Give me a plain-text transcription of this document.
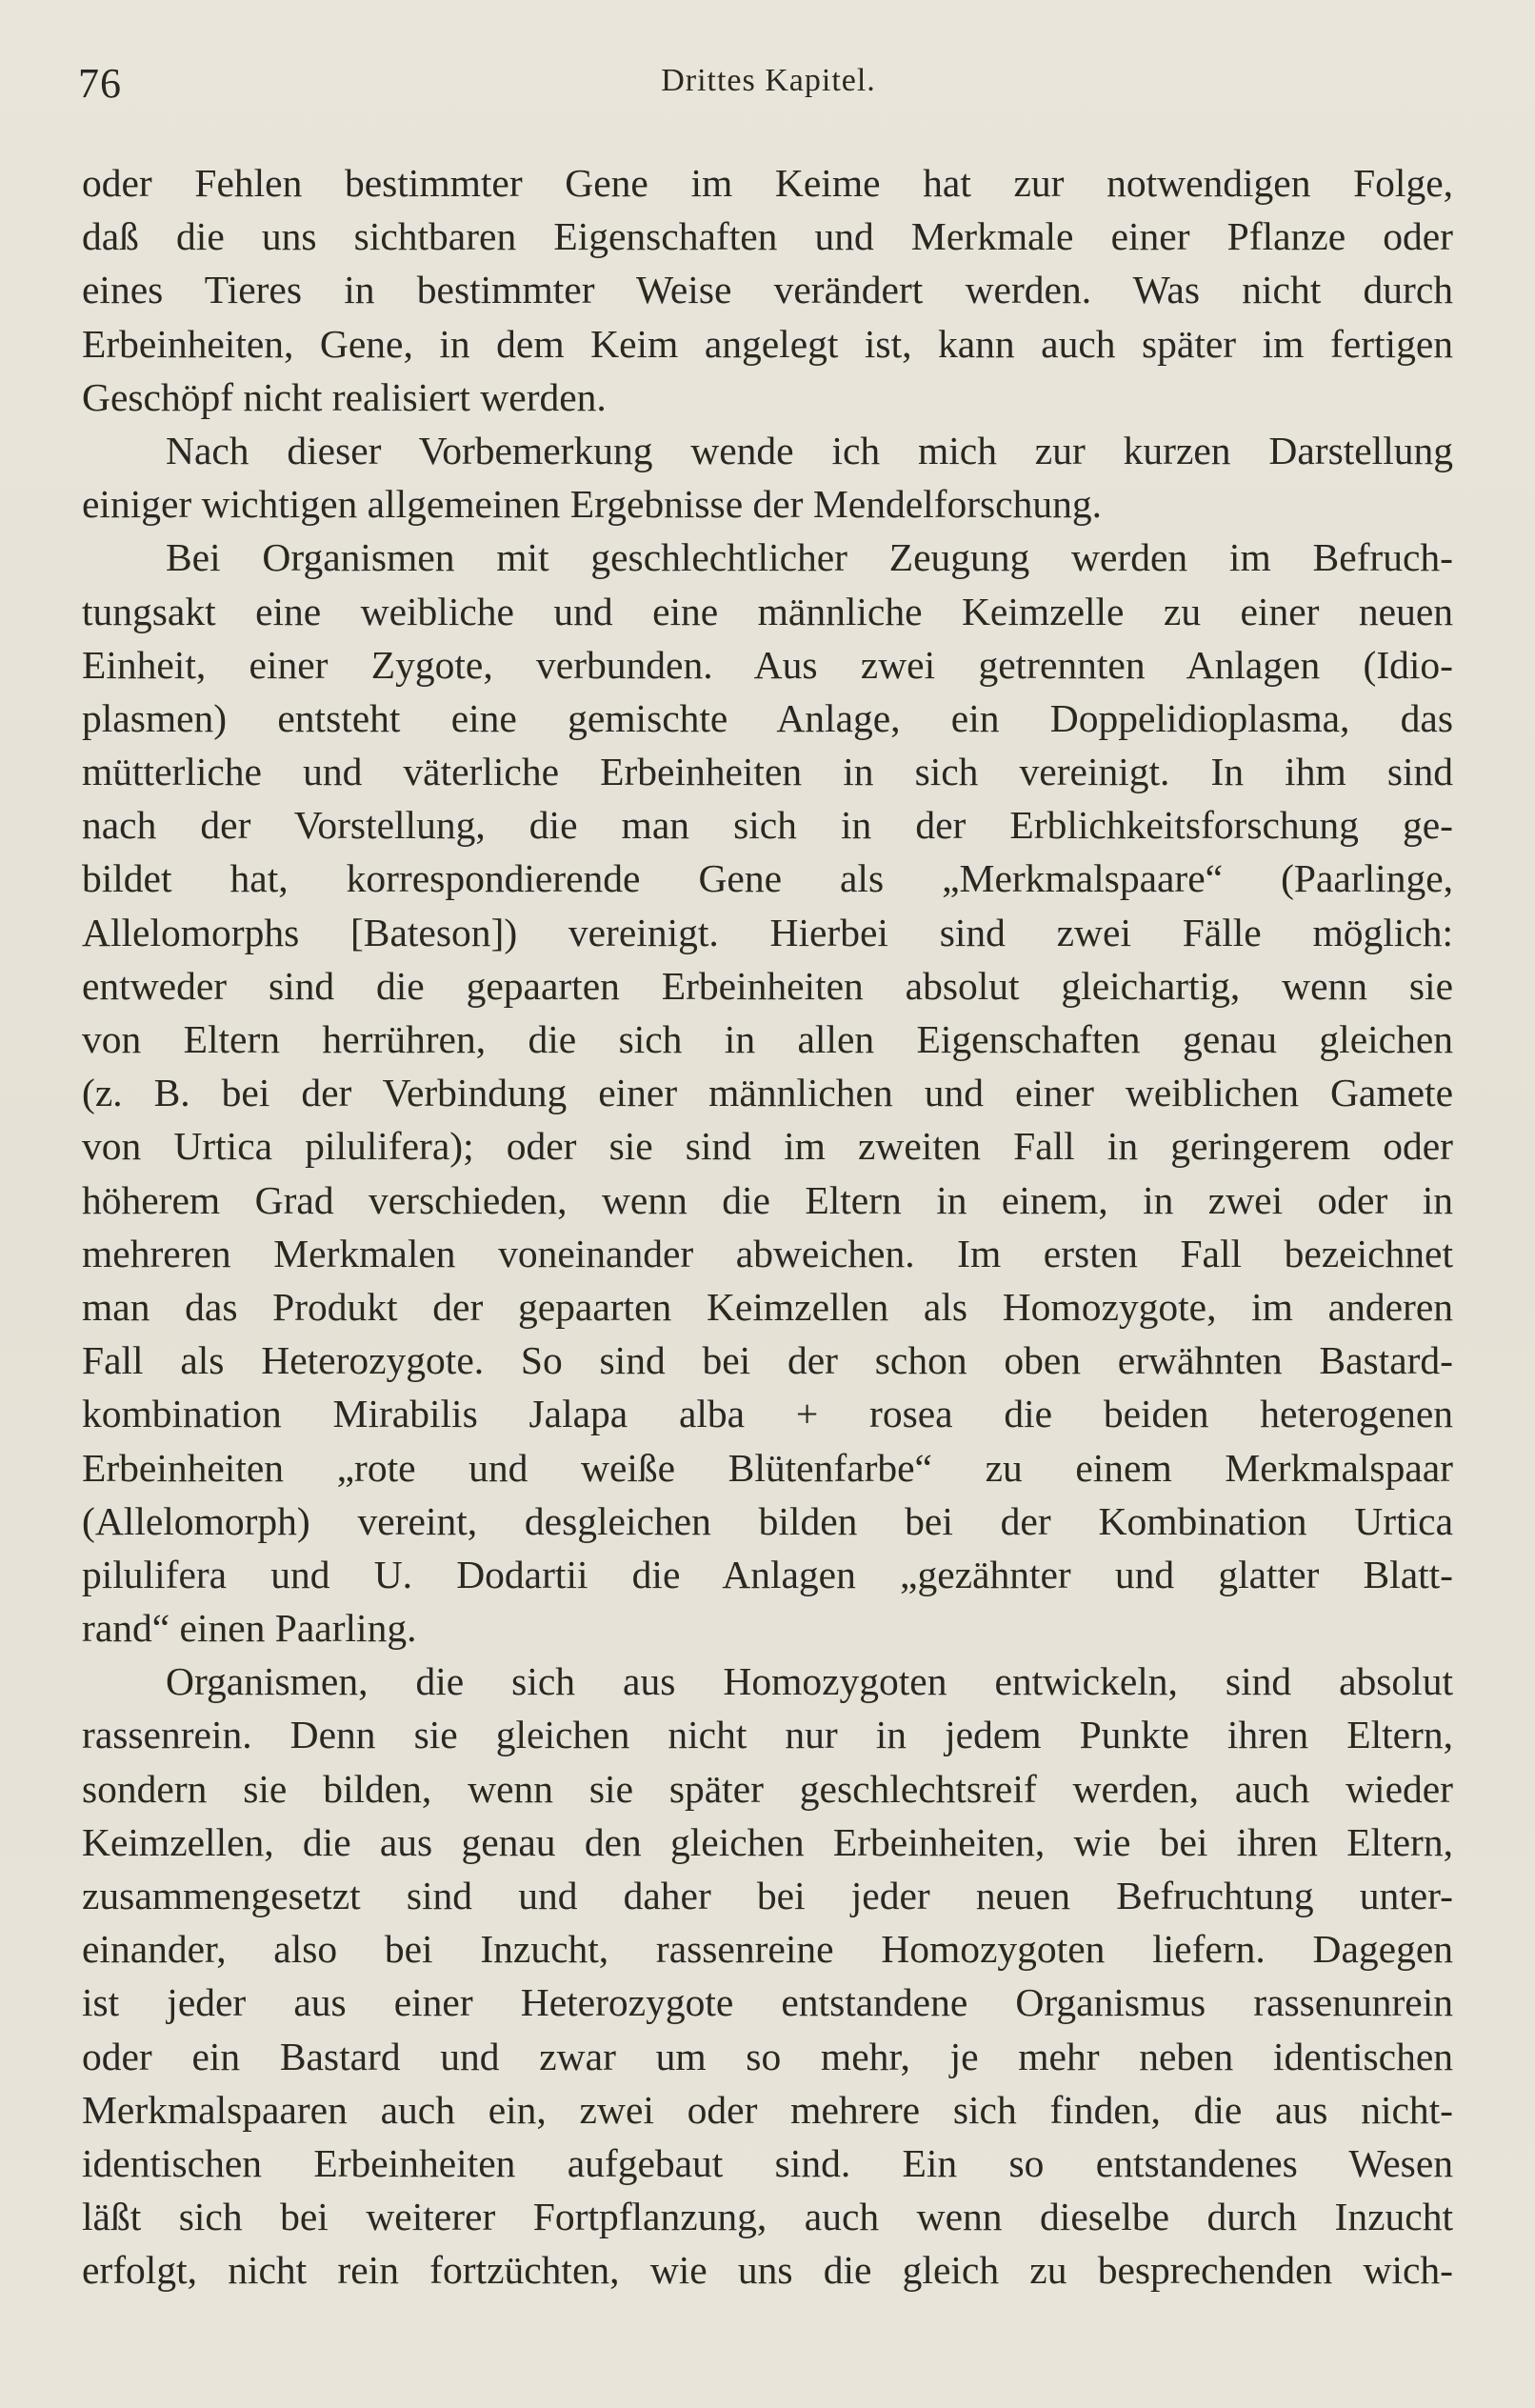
76	Drittes Kapitel.
oder Fehlen bestimmter Gene im Keime hat zur notwendigen Folge,
daß die uns sichtbaren Eigenschaften und Merkmale einer Pflanze oder
eines Tieres in bestimmter Weise verändert werden. Was nicht durch
Erbeinheiten, Gene, in dem Keim angelegt ist, kann auch später im fertigen
Geschöpf nicht realisiert werden.
Nach dieser Vorbemerkung wende ich mich zur kurzen Darstellung
einiger wichtigen allgemeinen Ergebnisse der Mendelforschung.
Bei Organismen mit geschlechtlicher Zeugung werden im Befruch-
tungsakt eine weibliche und eine männliche Keimzelle zu einer neuen
Einheit, einer Zygote, verbunden. Aus zwei getrennten Anlagen (Idio-
plasmen) entsteht eine gemischte Anlage, ein Doppelidioplasma, das
mütterliche und väterliche Erbeinheiten in sich vereinigt. In ihm sind
nach der Vorstellung, die man sich in der Erblichkeitsforschung ge-
bildet hat, korrespondierende Gene als „Merkmalspaare“ (Paarlinge,
Allelomorphs [Bateson]) vereinigt. Hierbei sind zwei Fälle möglich:
entweder sind die gepaarten Erbeinheiten absolut gleichartig, wenn sie
von Eltern herrühren, die sich in allen Eigenschaften genau gleichen
(z. B. bei der Verbindung einer männlichen und einer weiblichen Gamete
von Urtica pilulifera); oder sie sind im zweiten Fall in geringerem oder
höherem Grad verschieden, wenn die Eltern in einem, in zwei oder in
mehreren Merkmalen voneinander abweichen. Im ersten Fall bezeichnet
man das Produkt der gepaarten Keimzellen als Homozygote, im anderen
Fall als Heterozygote. So sind bei der schon oben erwähnten Bastard-
kombination Mirabilis Jalapa alba + rosea die beiden heterogenen
Erbeinheiten „rote und weiße Blütenfarbe“ zu einem Merkmalspaar
(Allelomorph) vereint, desgleichen bilden bei der Kombination Urtica
pilulifera und U. Dodartii die Anlagen „gezähnter und glatter Blatt-
rand“ einen Paarling.
Organismen, die sich aus Homozygoten entwickeln, sind absolut
rassenrein. Denn sie gleichen nicht nur in jedem Punkte ihren Eltern,
sondern sie bilden, wenn sie später geschlechtsreif werden, auch wieder
Keimzellen, die aus genau den gleichen Erbeinheiten, wie bei ihren Eltern,
zusammengesetzt sind und daher bei jeder neuen Befruchtung unter-
einander, also bei Inzucht, rassenreine Homozygoten liefern. Dagegen
ist jeder aus einer Heterozygote entstandene Organismus rassenunrein
oder ein Bastard und zwar um so mehr, je mehr neben identischen
Merkmalspaaren auch ein, zwei oder mehrere sich finden, die aus nicht-
identischen Erbeinheiten aufgebaut sind. Ein so entstandenes Wesen
läßt sich bei weiterer Fortpflanzung, auch wenn dieselbe durch Inzucht
erfolgt, nicht rein fortzüchten, wie uns die gleich zu besprechenden wich-
